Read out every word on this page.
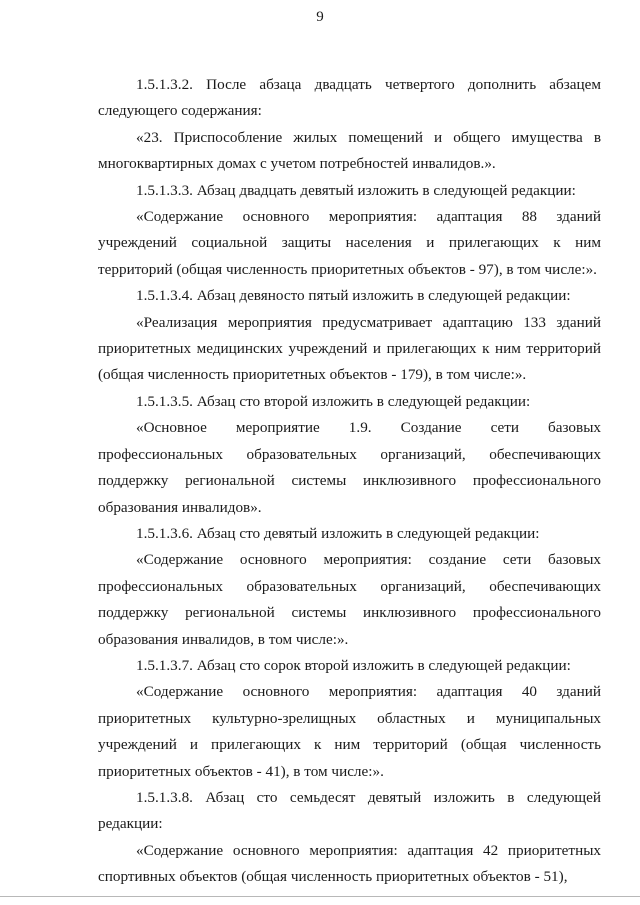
9

1.5.1.3.2. После абзаца двадцать четвертого дополнить абзацем следующего содержания:

«23. Приспособление жилых помещений и общего имущества в многоквартирных домах с учетом потребностей инвалидов.».

1.5.1.3.3. Абзац двадцать девятый изложить в следующей редакции:

«Содержание основного мероприятия: адаптация 88 зданий учреждений социальной защиты населения и прилегающих к ним территорий (общая численность приоритетных объектов - 97), в том числе:».

1.5.1.3.4. Абзац девяносто пятый изложить в следующей редакции:

«Реализация мероприятия предусматривает адаптацию 133 зданий приоритетных медицинских учреждений и прилегающих к ним территорий (общая численность приоритетных объектов - 179), в том числе:».

1.5.1.3.5. Абзац сто второй изложить в следующей редакции:

«Основное мероприятие 1.9. Создание сети базовых профессиональных образовательных организаций, обеспечивающих поддержку региональной системы инклюзивного профессионального образования инвалидов».

1.5.1.3.6. Абзац сто девятый изложить в следующей редакции:

«Содержание основного мероприятия: создание сети базовых профессиональных образовательных организаций, обеспечивающих поддержку региональной системы инклюзивного профессионального образования инвалидов, в том числе:».

1.5.1.3.7. Абзац сто сорок второй изложить в следующей редакции:

«Содержание основного мероприятия: адаптация 40 зданий приоритетных культурно-зрелищных областных и муниципальных учреждений и прилегающих к ним территорий (общая численность приоритетных объектов - 41), в том числе:».

1.5.1.3.8. Абзац сто семьдесят девятый изложить в следующей редакции:

«Содержание основного мероприятия: адаптация 42 приоритетных спортивных объектов (общая численность приоритетных объектов - 51),
